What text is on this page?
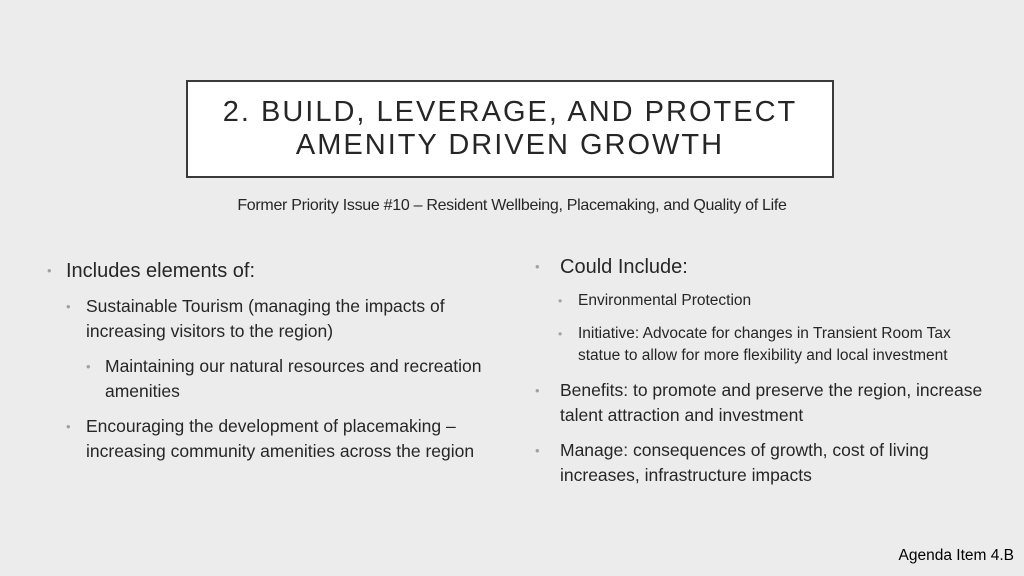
2. BUILD, LEVERAGE, AND PROTECT
AMENITY DRIVEN GROWTH
Former Priority Issue #10 – Resident Wellbeing, Placemaking, and Quality of Life
• Includes elements of:
• Sustainable Tourism (managing the impacts of increasing visitors to the region)
• Maintaining our natural resources and recreation amenities
• Encouraging the development of placemaking – increasing community amenities across the region
• Could Include:
• Environmental Protection
• Initiative: Advocate for changes in Transient Room Tax statue to allow for more flexibility and local investment
• Benefits: to promote and preserve the region, increase talent attraction and investment
• Manage: consequences of growth, cost of living increases, infrastructure impacts
Agenda Item 4.B
